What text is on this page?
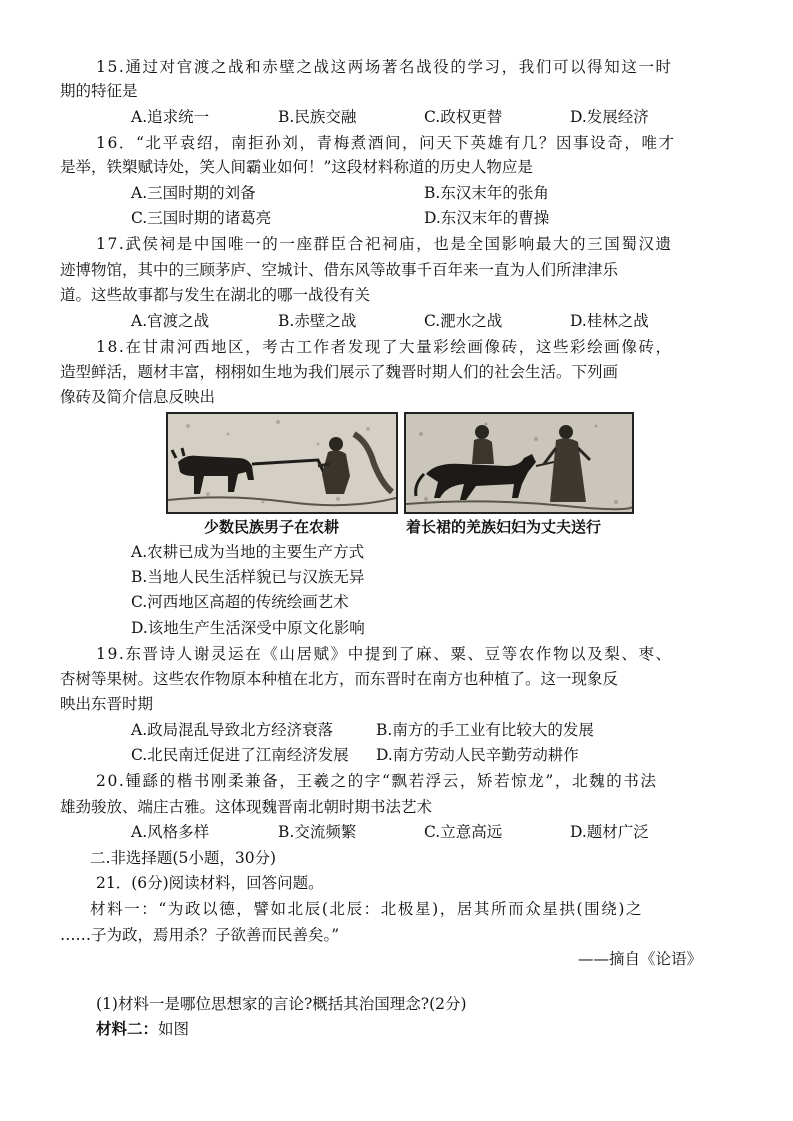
15.通过对官渡之战和赤壁之战这两场著名战役的学习，我们可以得知这一时
期的特征是
A.追求统一	B.民族交融	C.政权更替	D.发展经济
16．“北平袁绍，南拒孙刘，青梅煮酒间，问天下英雄有几？因事设奇，唯才
是举，铁槊赋诗处，笑人间霸业如何！”这段材料称道的历史人物应是
A.三国时期的刘备	B.东汉末年的张角
C.三国时期的诸葛亮	D.东汉末年的曹操
17.武侯祠是中国唯一的一座群臣合祀祠庙，也是全国影响最大的三国蜀汉遗
迹博物馆，其中的三顾茅庐、空城计、借东风等故事千百年来一直为人们所津津乐
道。这些故事都与发生在湖北的哪一战役有关
A.官渡之战	B.赤壁之战	C.淝水之战	D.桂林之战
18.在甘肃河西地区，考古工作者发现了大量彩绘画像砖，这些彩绘画像砖，
造型鲜活，题材丰富，栩栩如生地为我们展示了魏晋时期人们的社会生活。下列画
像砖及简介信息反映出
少数民族男子在农耕	着长裙的羌族妇妇为丈夫送行
A.农耕已成为当地的主要生产方式
B.当地人民生活样貌已与汉族无异
C.河西地区高超的传统绘画艺术
D.该地生产生活深受中原文化影响
19.东晋诗人谢灵运在《山居赋》中提到了麻、粟、豆等农作物以及梨、枣、
杏树等果树。这些农作物原本种植在北方，而东晋时在南方也种植了。这一现象反
映出东晋时期
A.政局混乱导致北方经济衰落	B.南方的手工业有比较大的发展
C.北民南迁促进了江南经济发展 D.南方劳动人民辛勤劳动耕作
20.锺繇的楷书刚柔兼备，王羲之的字“飘若浮云，矫若惊龙”，北魏的书法
雄劲骏放、端庄古雅。这体现魏晋南北朝时期书法艺术
A.风格多样	B.交流频繁	C.立意高远	D.题材广泛
二.非选择题(5小题，30分)
21．(6分)阅读材料，回答问题。
材料一：“为政以德，譬如北辰(北辰：北极星)，居其所而众星拱(围绕)之
……子为政，焉用杀？子欲善而民善矣。”
——摘自《论语》
(1)材料一是哪位思想家的言论?概括其治国理念?(2分)
材料二：如图
